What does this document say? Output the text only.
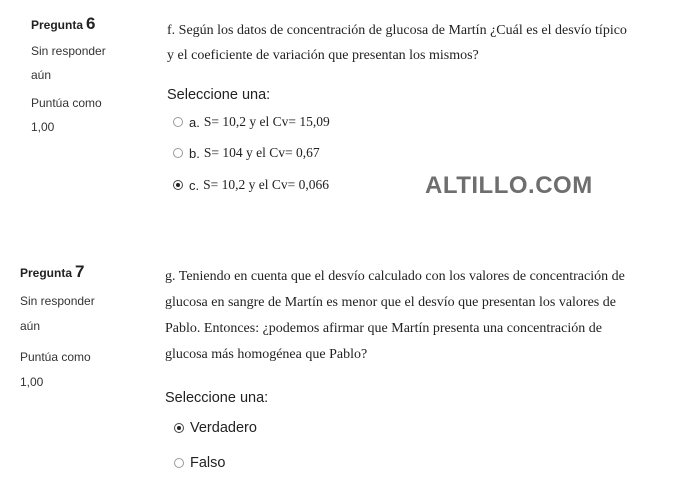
Pregunta 6
Sin responder
aún
Puntúa como
1,00
f. Según los datos de concentración de glucosa de Martín ¿Cuál es el desvío típico
y el coeficiente de variación que presentan los mismos?
Seleccione una:
a. S= 10,2 y el Cv= 15,09
b. S= 104 y el Cv= 0,67
c. S= 10,2 y el Cv= 0,066	ALTILLO.COM
Pregunta 7
Sin responder
aún
Puntúa como
1,00
g. Teniendo en cuenta que el desvío calculado con los valores de concentración de
glucosa en sangre de Martín es menor que el desvío que presentan los valores de
Pablo. Entonces: ¿podemos afirmar que Martín presenta una concentración de
glucosa más homogénea que Pablo?
Seleccione una:
Verdadero
Falso
